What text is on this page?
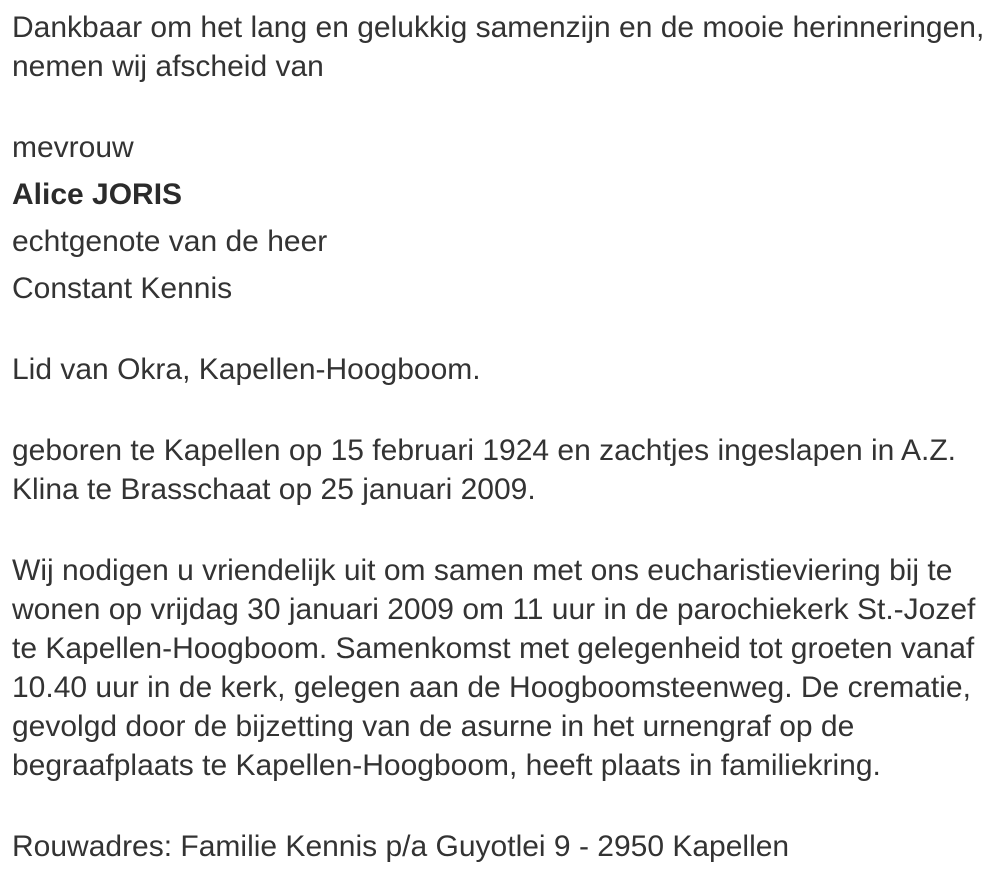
Dankbaar om het lang en gelukkig samenzijn en de mooie herinneringen,
nemen wij afscheid van

mevrouw

Alice JORIS

echtgenote van de heer

Constant Kennis

Lid van Okra, Kapellen-Hoogboom.

geboren te Kapellen op 15 februari 1924 en zachtjes ingeslapen in A.Z.
Klina te Brasschaat op 25 januari 2009.

Wij nodigen u vriendelijk uit om samen met ons eucharistieviering bij te
wonen op vrijdag 30 januari 2009 om 11 uur in de parochiekerk St.-Jozef
te Kapellen-Hoogboom. Samenkomst met gelegenheid tot groeten vanaf
10.40 uur in de kerk, gelegen aan de Hoogboomsteenweg. De crematie,
gevolgd door de bijzetting van de asurne in het urnengraf op de
begraafplaats te Kapellen-Hoogboom, heeft plaats in familiekring.

Rouwadres: Familie Kennis p/a Guyotlei 9 - 2950 Kapellen
